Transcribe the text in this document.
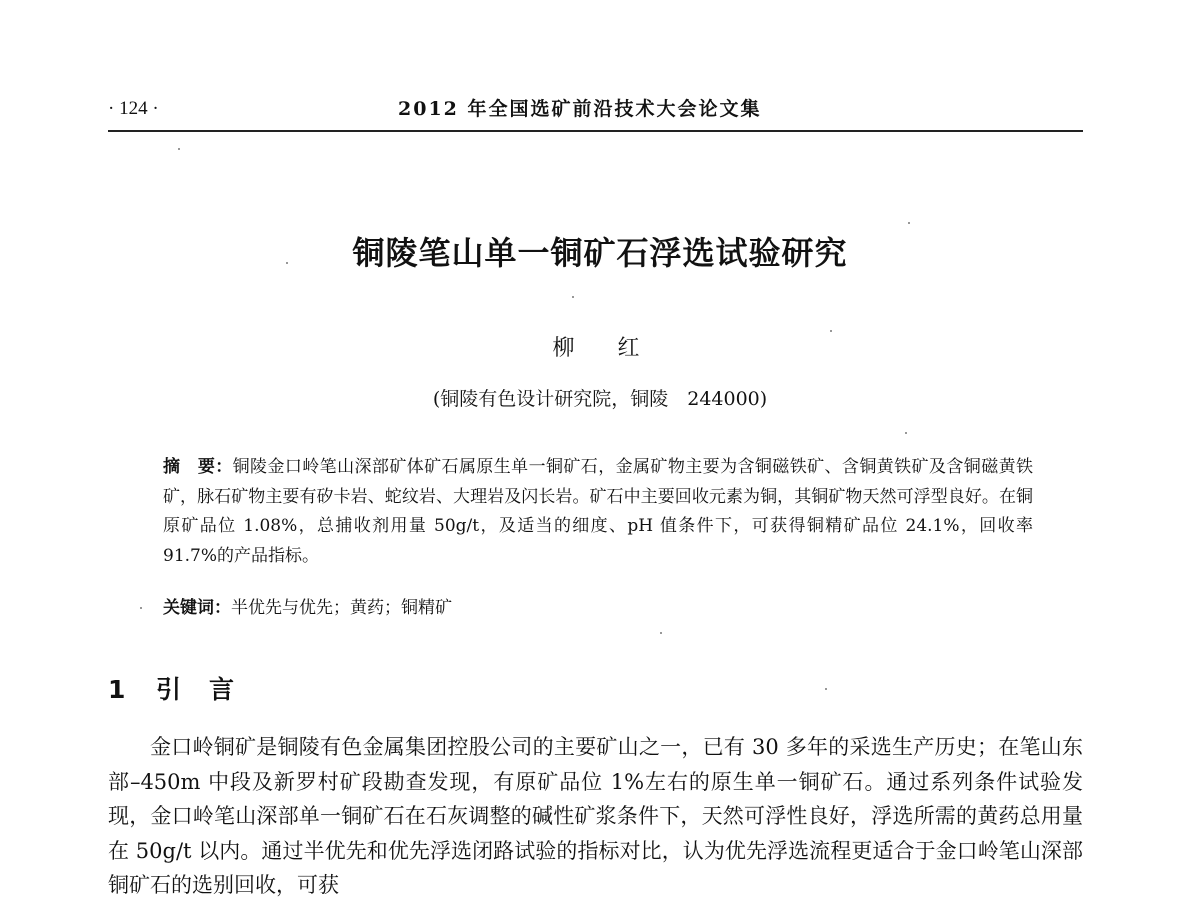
· 124 ·	2012 年全国选矿前沿技术大会论文集
铜陵笔山单一铜矿石浮选试验研究
柳 红
(铜陵有色设计研究院，铜陵　244000)
摘　要：铜陵金口岭笔山深部矿体矿石属原生单一铜矿石，金属矿物主要为含铜磁铁矿、含铜黄铁矿及含铜磁黄铁矿，脉石矿物主要有矽卡岩、蛇纹岩、大理岩及闪长岩。矿石中主要回收元素为铜，其铜矿物天然可浮型良好。在铜原矿品位 1.08%，总捕收剂用量 50g/t，及适当的细度、pH 值条件下，可获得铜精矿品位 24.1%，回收率 91.7%的产品指标。
关键词：半优先与优先；黄药；铜精矿
1 引言
金口岭铜矿是铜陵有色金属集团控股公司的主要矿山之一，已有 30 多年的采选生产历史；在笔山东部–450m 中段及新罗村矿段勘查发现，有原矿品位 1%左右的原生单一铜矿石。通过系列条件试验发现，金口岭笔山深部单一铜矿石在石灰调整的碱性矿浆条件下，天然可浮性良好，浮选所需的黄药总用量在 50g/t 以内。通过半优先和优先浮选闭路试验的指标对比，认为优先浮选流程更适合于金口岭笔山深部铜矿石的选别回收，可获
